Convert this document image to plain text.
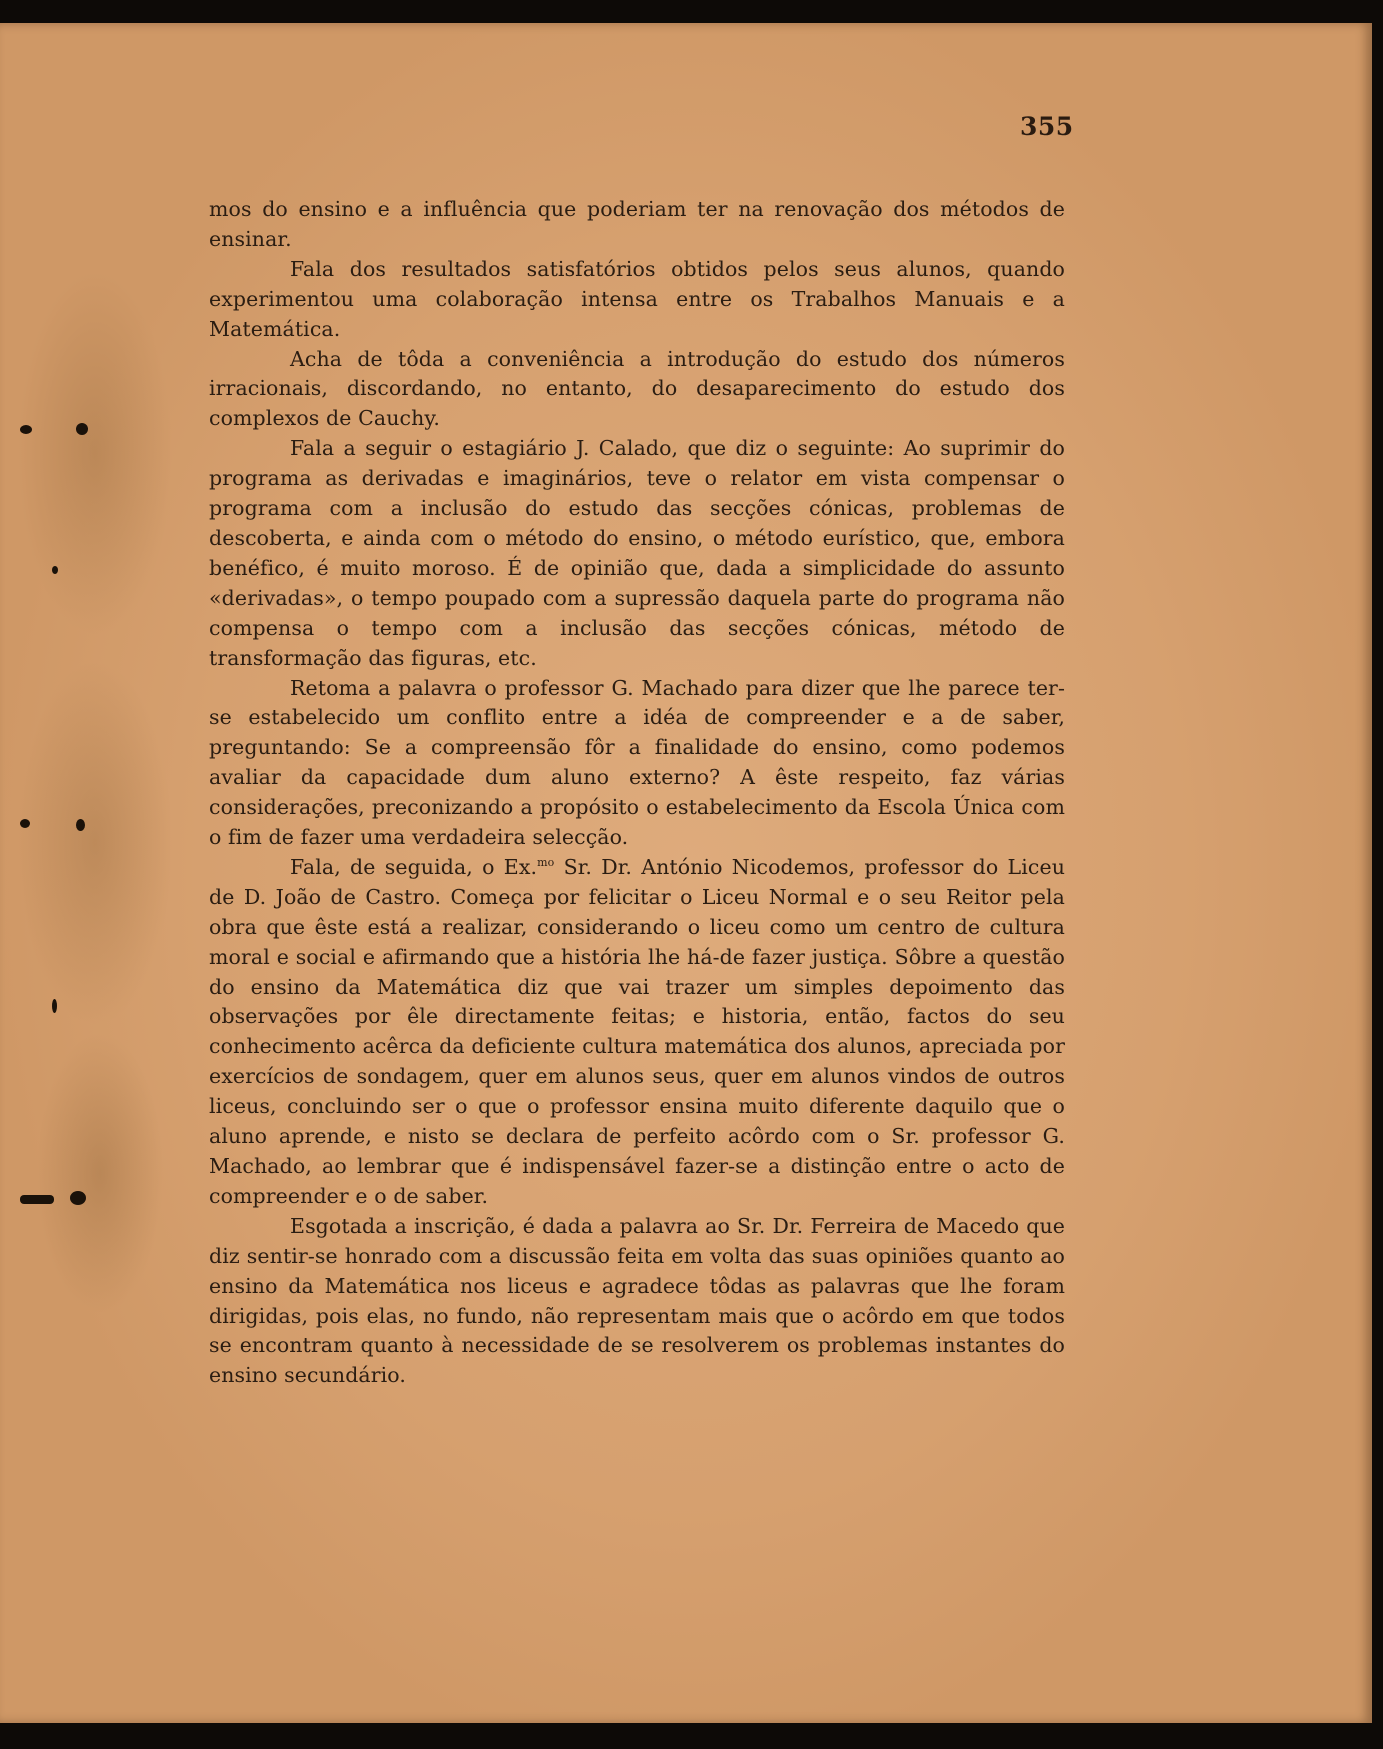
355

mos do ensino e a influência que poderiam ter na renovação dos métodos de ensinar.

Fala dos resultados satisfatórios obtidos pelos seus alunos, quando experimentou uma colaboração intensa entre os Trabalhos Manuais e a Matemática.

Acha de tôda a conveniência a introdução do estudo dos números irracionais, discordando, no entanto, do desaparecimento do estudo dos complexos de Cauchy.

Fala a seguir o estagiário J. Calado, que diz o seguinte: Ao suprimir do programa as derivadas e imaginários, teve o relator em vista compensar o programa com a inclusão do estudo das secções cónicas, problemas de descoberta, e ainda com o método do ensino, o método eurístico, que, embora benéfico, é muito moroso. É de opinião que, dada a simplicidade do assunto «derivadas», o tempo poupado com a supressão daquela parte do programa não compensa o tempo com a inclusão das secções cónicas, método de transformação das figuras, etc.

Retoma a palavra o professor G. Machado para dizer que lhe parece ter-se estabelecido um conflito entre a idéa de compreender e a de saber, preguntando: Se a compreensão fôr a finalidade do ensino, como podemos avaliar da capacidade dum aluno externo? A êste respeito, faz várias considerações, preconizando a propósito o estabelecimento da Escola Única com o fim de fazer uma verdadeira selecção.

Fala, de seguida, o Ex.$^{mo}$ Sr. Dr. António Nicodemos, professor do Liceu de D. João de Castro. Começa por felicitar o Liceu Normal e o seu Reitor pela obra que êste está a realizar, considerando o liceu como um centro de cultura moral e social e afirmando que a história lhe há-de fazer justiça. Sôbre a questão do ensino da Matemática diz que vai trazer um simples depoimento das observações por êle directamente feitas; e historia, então, factos do seu conhecimento acêrca da deficiente cultura matemática dos alunos, apreciada por exercícios de sondagem, quer em alunos seus, quer em alunos vindos de outros liceus, concluindo ser o que o professor ensina muito diferente daquilo que o aluno aprende, e nisto se declara de perfeito acôrdo com o Sr. professor G. Machado, ao lembrar que é indispensável fazer-se a distinção entre o acto de compreender e o de saber.

Esgotada a inscrição, é dada a palavra ao Sr. Dr. Ferreira de Macedo que diz sentir-se honrado com a discussão feita em volta das suas opiniões quanto ao ensino da Matemática nos liceus e agradece tôdas as palavras que lhe foram dirigidas, pois elas, no fundo, não representam mais que o acôrdo em que todos se encontram quanto à necessidade de se resolverem os problemas instantes do ensino secundário.
